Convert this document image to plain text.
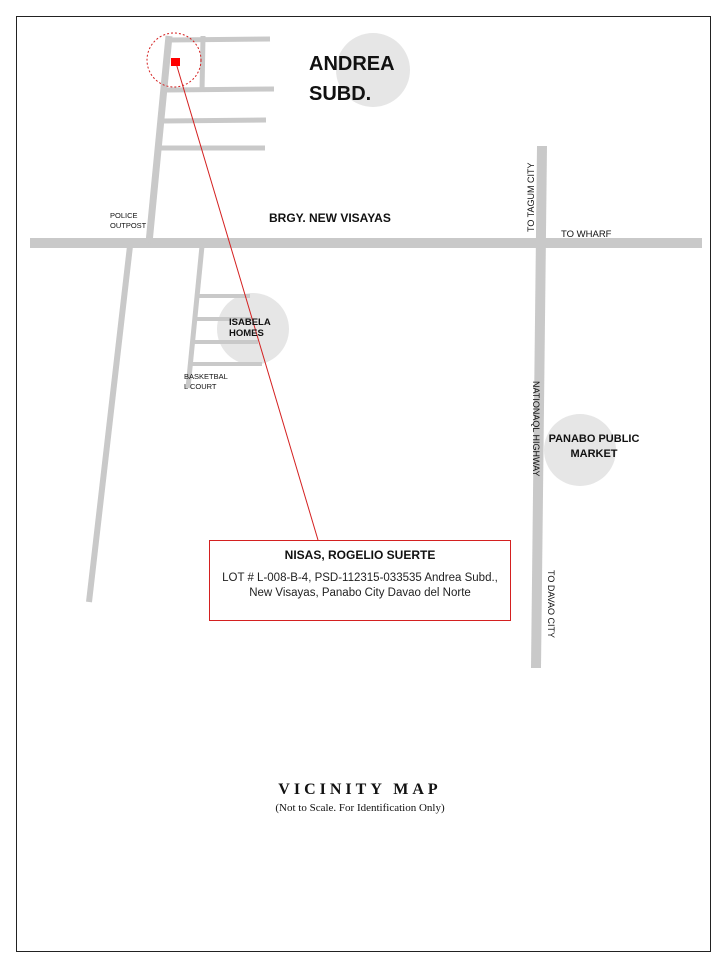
ANDREA
SUBD.
BRGY. NEW VISAYAS
POLICE
OUTPOST	TO TAGUM CITY
TO WHARF
ISABELA
HOMES
BASKETBAL
L COURT	NATIONAQL HIGHWAY PANABO PUBLIC
MARKET
TO DAVAO CITY
NISAS, ROGELIO SUERTE
LOT # L-008-B-4, PSD-112315-033535 Andrea Subd., New Visayas, Panabo City Davao del Norte
VICINITY MAP
(Not to Scale. For Identification Only)
